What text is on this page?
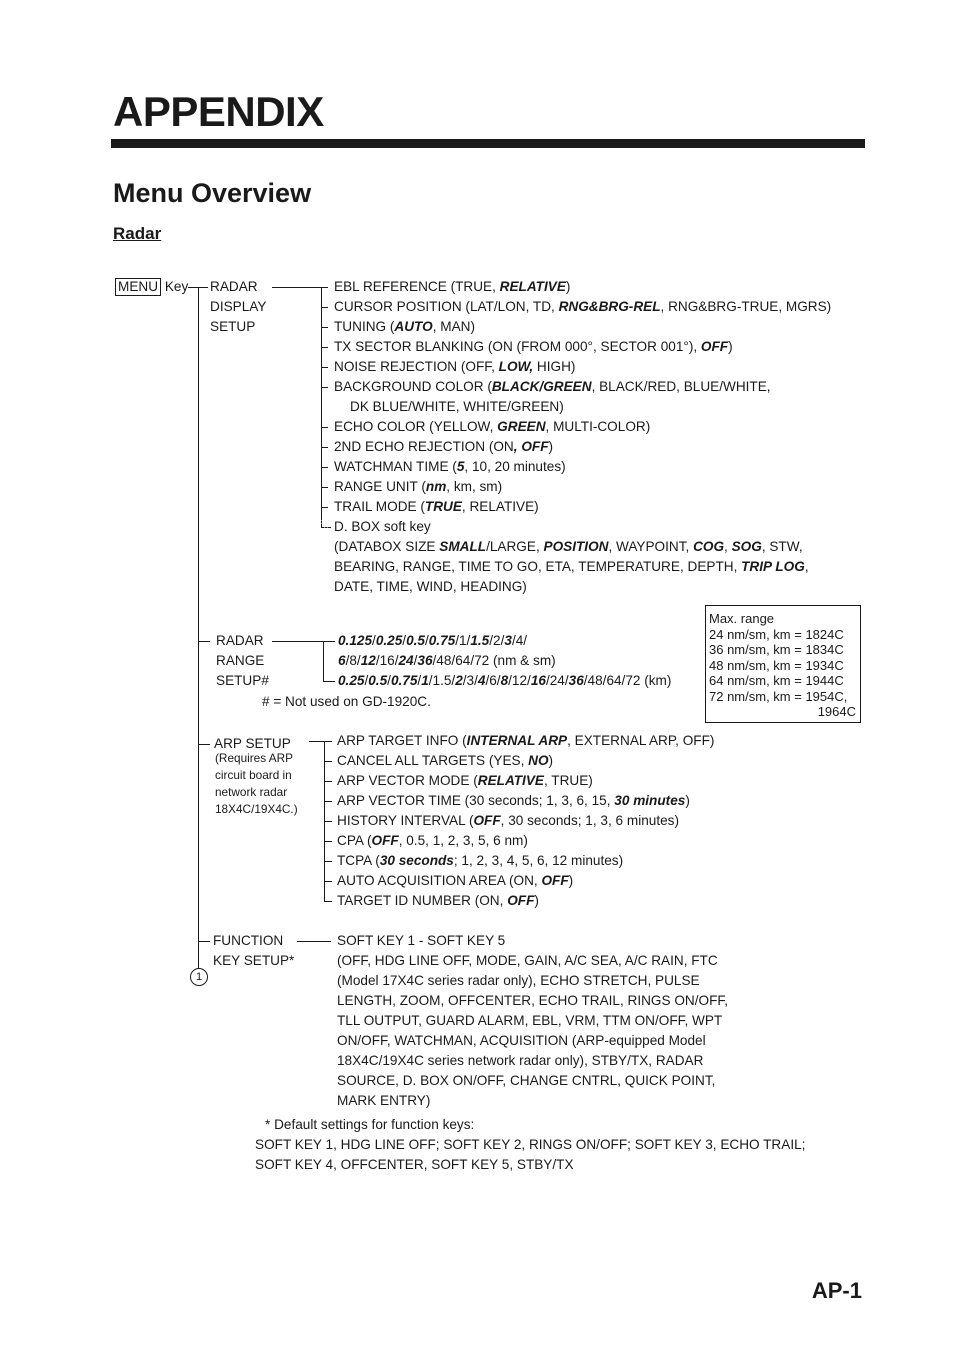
APPENDIX
Menu Overview
Radar
MENU Key RADAR
DISPLAY
SETUP
EBL REFERENCE (TRUE, RELATIVE)
CURSOR POSITION (LAT/LON, TD, RNG&BRG-REL, RNG&BRG-TRUE, MGRS)
TUNING (AUTO, MAN)
TX SECTOR BLANKING (ON (FROM 000°, SECTOR 001°), OFF)
NOISE REJECTION (OFF, LOW, HIGH)
BACKGROUND COLOR (BLACK/GREEN, BLACK/RED, BLUE/WHITE,
DK BLUE/WHITE, WHITE/GREEN)
ECHO COLOR (YELLOW, GREEN, MULTI-COLOR)
2ND ECHO REJECTION (ON, OFF)
WATCHMAN TIME (5, 10, 20 minutes)
RANGE UNIT (nm, km, sm)
TRAIL MODE (TRUE, RELATIVE)
D. BOX soft key
(DATABOX SIZE SMALL/LARGE, POSITION, WAYPOINT, COG, SOG, STW,
BEARING, RANGE, TIME TO GO, ETA, TEMPERATURE, DEPTH, TRIP LOG,
DATE, TIME, WIND, HEADING)
RADAR
RANGE
SETUP#
0.125/0.25/0.5/0.75/1/1.5/2/3/4/
6/8/12/16/24/36/48/64/72 (nm & sm)
0.25/0.5/0.75/1/1.5/2/3/4/6/8/12/16/24/36/48/64/72 (km)
# = Not used on GD-1920C.
Max. range
24 nm/sm, km = 1824C
36 nm/sm, km = 1834C
48 nm/sm, km = 1934C
64 nm/sm, km = 1944C
72 nm/sm, km = 1954C,
1964C
ARP SETUP
(Requires ARP
circuit board in
network radar
18X4C/19X4C.)
ARP TARGET INFO (INTERNAL ARP, EXTERNAL ARP, OFF)
CANCEL ALL TARGETS (YES, NO)
ARP VECTOR MODE (RELATIVE, TRUE)
ARP VECTOR TIME (30 seconds; 1, 3, 6, 15, 30 minutes)
HISTORY INTERVAL (OFF, 30 seconds; 1, 3, 6 minutes)
CPA (OFF, 0.5, 1, 2, 3, 5, 6 nm)
TCPA (30 seconds; 1, 2, 3, 4, 5, 6, 12 minutes)
AUTO ACQUISITION AREA (ON, OFF)
TARGET ID NUMBER (ON, OFF)
FUNCTION
KEY SETUP*
SOFT KEY 1 - SOFT KEY 5
(OFF, HDG LINE OFF, MODE, GAIN, A/C SEA, A/C RAIN, FTC
(Model 17X4C series radar only), ECHO STRETCH, PULSE
LENGTH, ZOOM, OFFCENTER, ECHO TRAIL, RINGS ON/OFF,
TLL OUTPUT, GUARD ALARM, EBL, VRM, TTM ON/OFF, WPT
ON/OFF, WATCHMAN, ACQUISITION (ARP-equipped Model
18X4C/19X4C series network radar only), STBY/TX, RADAR
SOURCE, D. BOX ON/OFF, CHANGE CNTRL, QUICK POINT,
MARK ENTRY)
* Default settings for function keys:
SOFT KEY 1, HDG LINE OFF; SOFT KEY 2, RINGS ON/OFF; SOFT KEY 3, ECHO TRAIL;
SOFT KEY 4, OFFCENTER, SOFT KEY 5, STBY/TX
1
AP-1
